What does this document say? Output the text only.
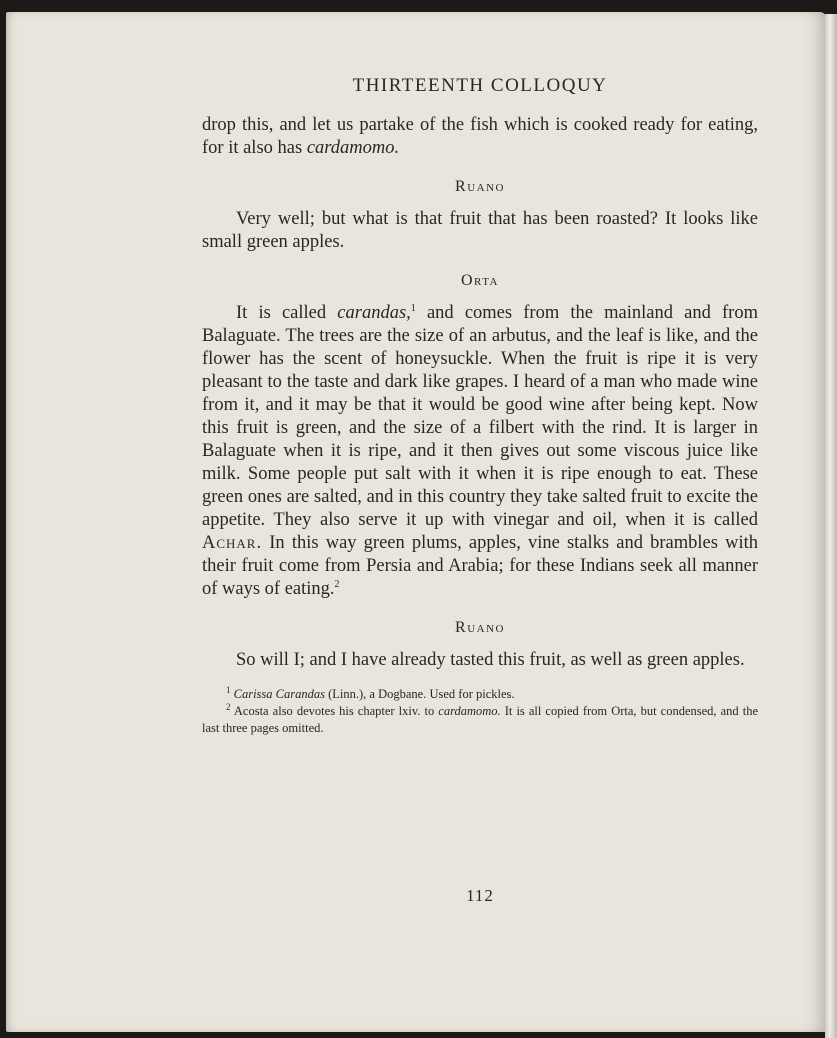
THIRTEENTH COLLOQUY

drop this, and let us partake of the fish which is cooked ready for eating, for it also has cardamomo.

Ruano

Very well; but what is that fruit that has been roasted? It looks like small green apples.

Orta

It is called carandas,$^1$ and comes from the mainland and from Balaguate. The trees are the size of an arbutus, and the leaf is like, and the flower has the scent of honeysuckle. When the fruit is ripe it is very pleasant to the taste and dark like grapes. I heard of a man who made wine from it, and it may be that it would be good wine after being kept. Now this fruit is green, and the size of a filbert with the rind. It is larger in Balaguate when it is ripe, and it then gives out some viscous juice like milk. Some people put salt with it when it is ripe enough to eat. These green ones are salted, and in this country they take salted fruit to excite the appetite. They also serve it up with vinegar and oil, when it is called Achar. In this way green plums, apples, vine stalks and brambles with their fruit come from Persia and Arabia; for these Indians seek all manner of ways of eating.$^2$

Ruano

So will I; and I have already tasted this fruit, as well as green apples.

$^1$ Carissa Carandas (Linn.), a Dogbane. Used for pickles.
$^2$ Acosta also devotes his chapter lxiv. to cardamomo. It is all copied from Orta, but condensed, and the last three pages omitted.
112
